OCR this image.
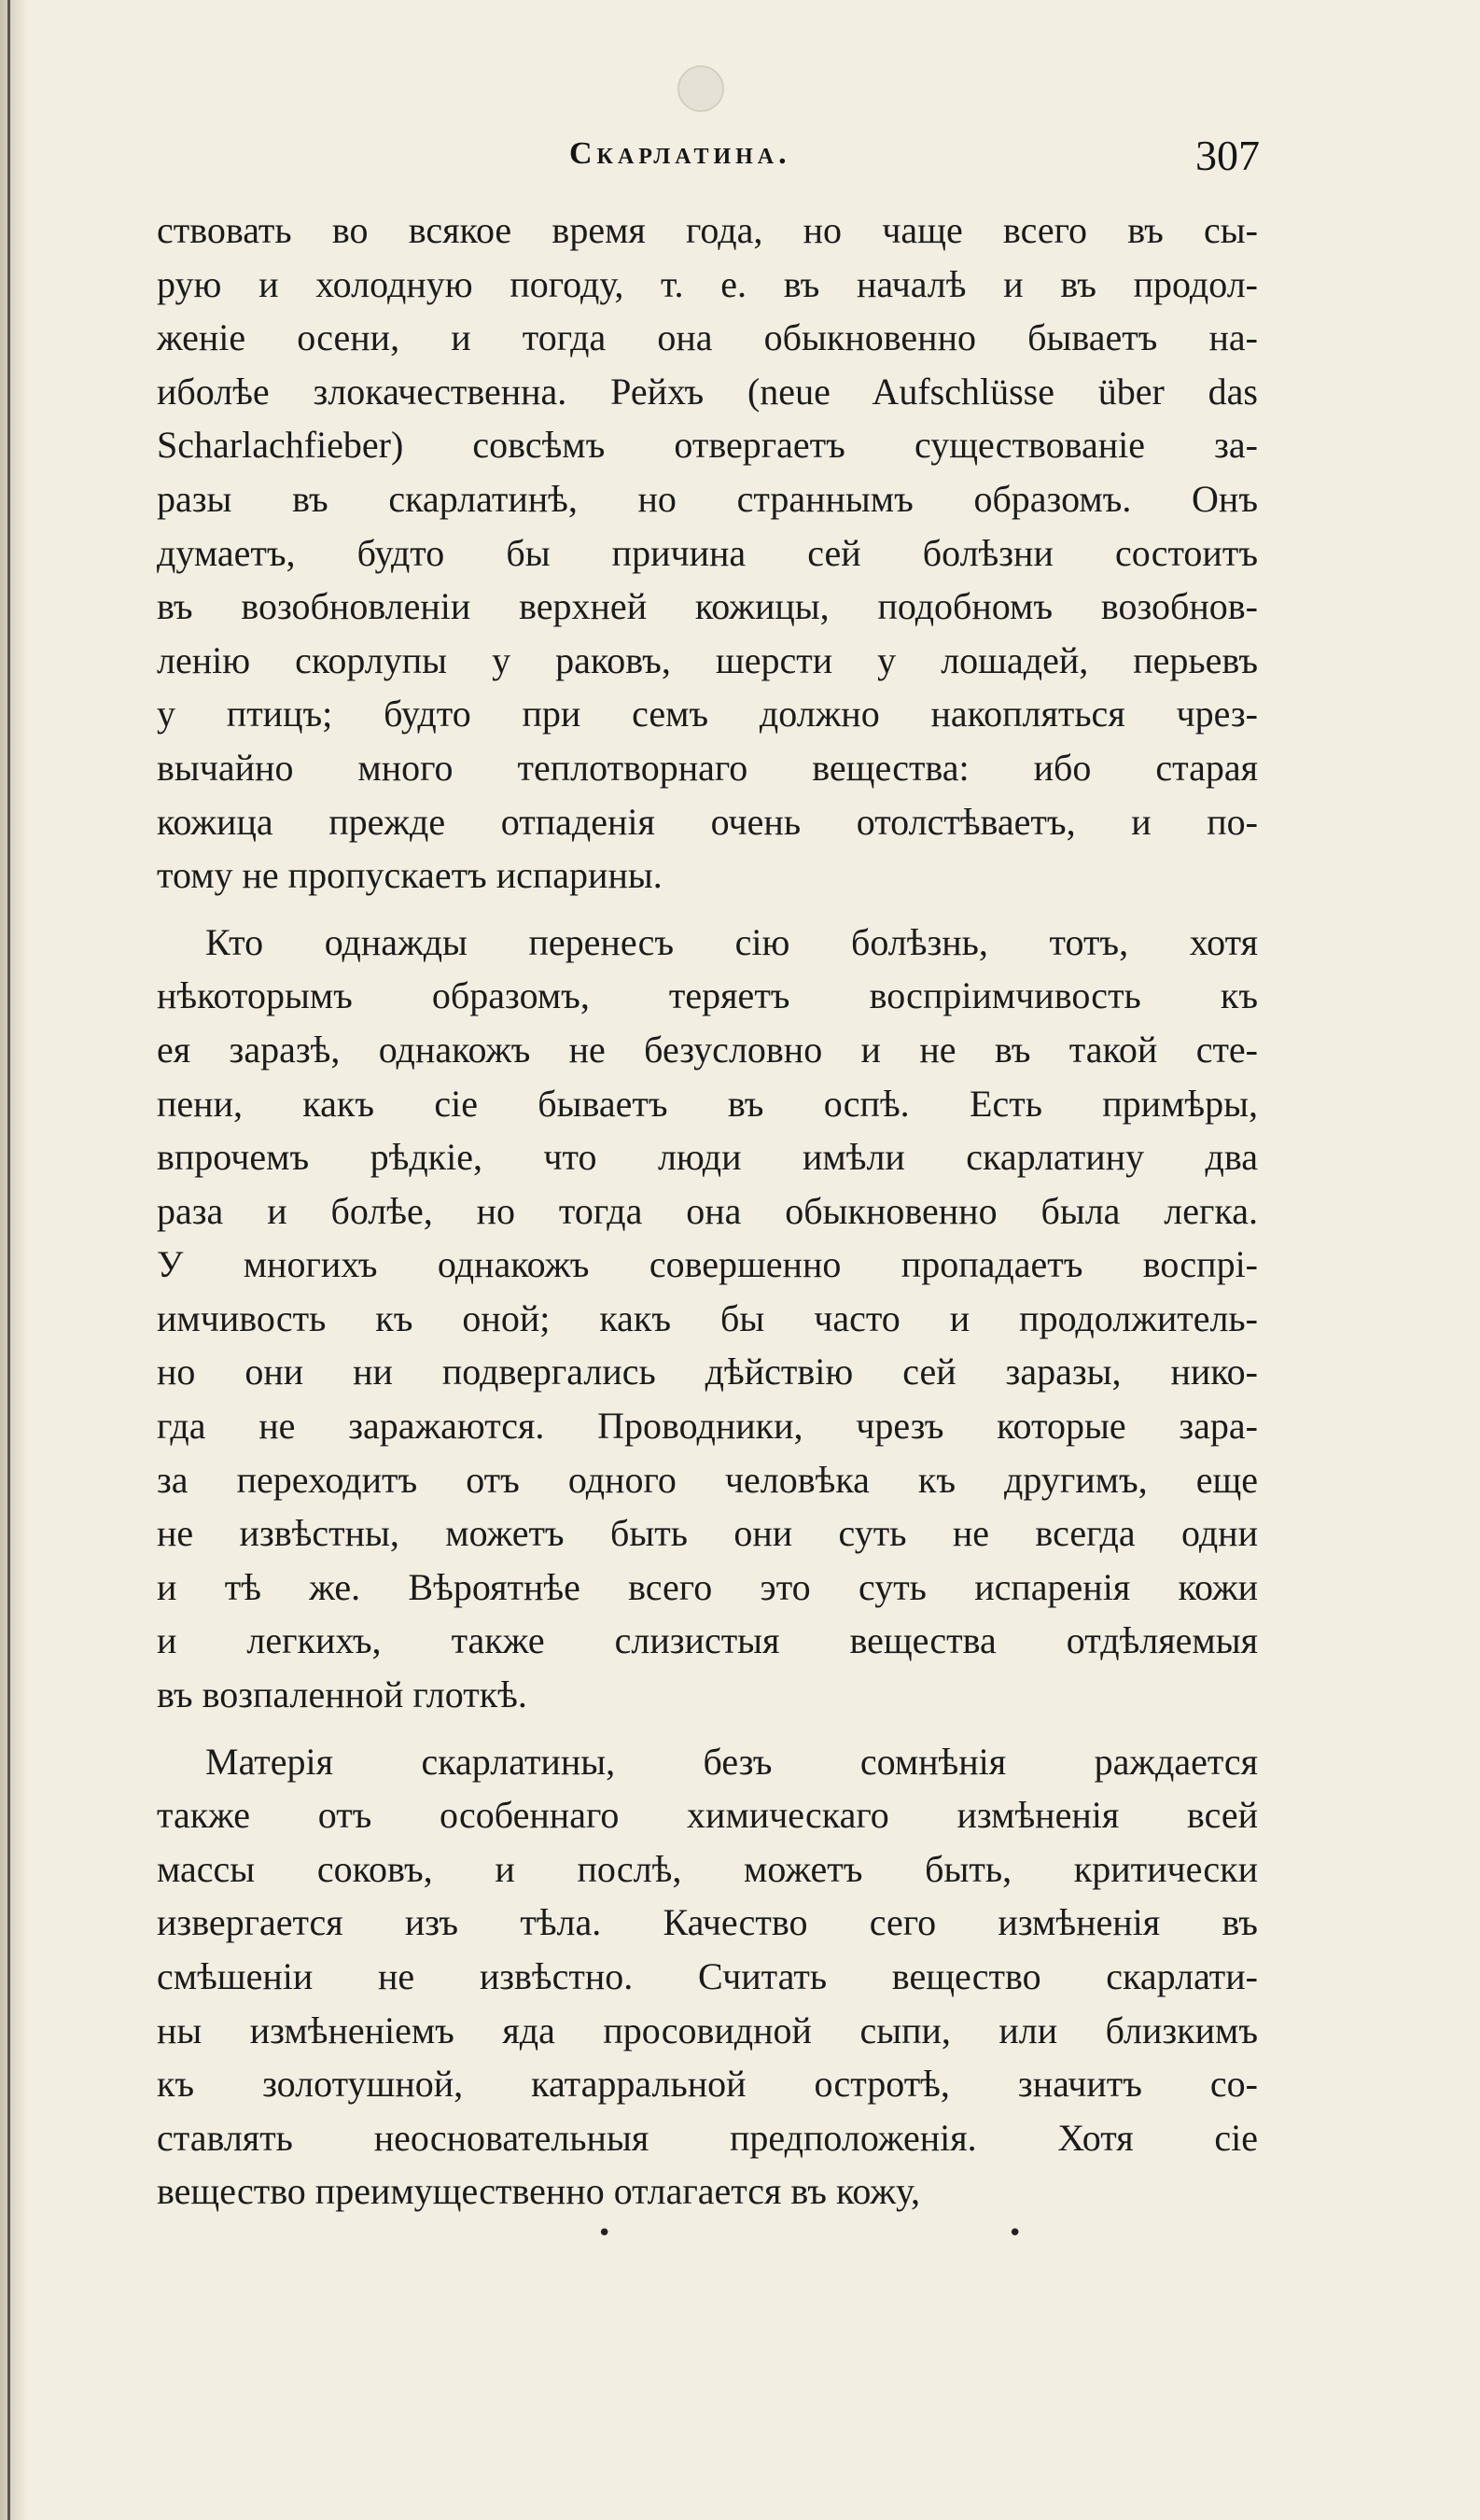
Скарлатина.	307
ствовать во всякое время года, но чаще всего въ сы-
рую и холодную погоду, т. е. въ началѣ и въ продол-
женіе осени, и тогда она обыкновенно бываетъ на-
иболѣе злокачественна. Рейхъ (neue Aufschlüsse über das
Scharlachfieber) совсѣмъ отвергаетъ существованіе за-
разы въ скарлатинѣ, но страннымъ образомъ. Онъ
думаетъ, будто бы причина сей болѣзни состоитъ
въ возобновленіи верхней кожицы, подобномъ возобнов-
ленію скорлупы у раковъ, шерсти у лошадей, перьевъ
у птицъ; будто при семъ должно накопляться чрез-
вычайно много теплотворнаго вещества: ибо старая
кожица прежде отпаденія очень отолстѣваетъ, и по-
тому не пропускаетъ испарины.
Кто однажды перенесъ сію болѣзнь, тотъ, хотя
нѣкоторымъ образомъ, теряетъ воспріимчивость къ
ея заразѣ, однакожъ не безусловно и не въ такой сте-
пени, какъ сіе бываетъ въ оспѣ. Есть примѣры,
впрочемъ рѣдкіе, что люди имѣли скарлатину два
раза и болѣе, но тогда она обыкновенно была легка.
У многихъ однакожъ совершенно пропадаетъ воспрі-
имчивость къ оной; какъ бы часто и продолжитель-
но они ни подвергались дѣйствію сей заразы, нико-
гда не заражаются. Проводники, чрезъ которые зара-
за переходитъ отъ одного человѣка къ другимъ, еще
не извѣстны, можетъ быть они суть не всегда одни
и тѣ же. Вѣроятнѣе всего это суть испаренія кожи
и легкихъ, также слизистыя вещества отдѣляемыя
въ возпаленной глоткѣ.
Матерія скарлатины, безъ сомнѣнія раждается
также отъ особеннаго химическаго измѣненія всей
массы соковъ, и послѣ, можетъ быть, критически
извергается изъ тѣла. Качество сего измѣненія въ
смѣшеніи не извѣстно. Считать вещество скарлати-
ны измѣненіемъ яда просовидной сыпи, или близкимъ
къ золотушной, катарральной остротѣ, значитъ со-
ставлять неосновательныя предположенія. Хотя сіе
вещество преимущественно отлагается въ кожу,
•	•
